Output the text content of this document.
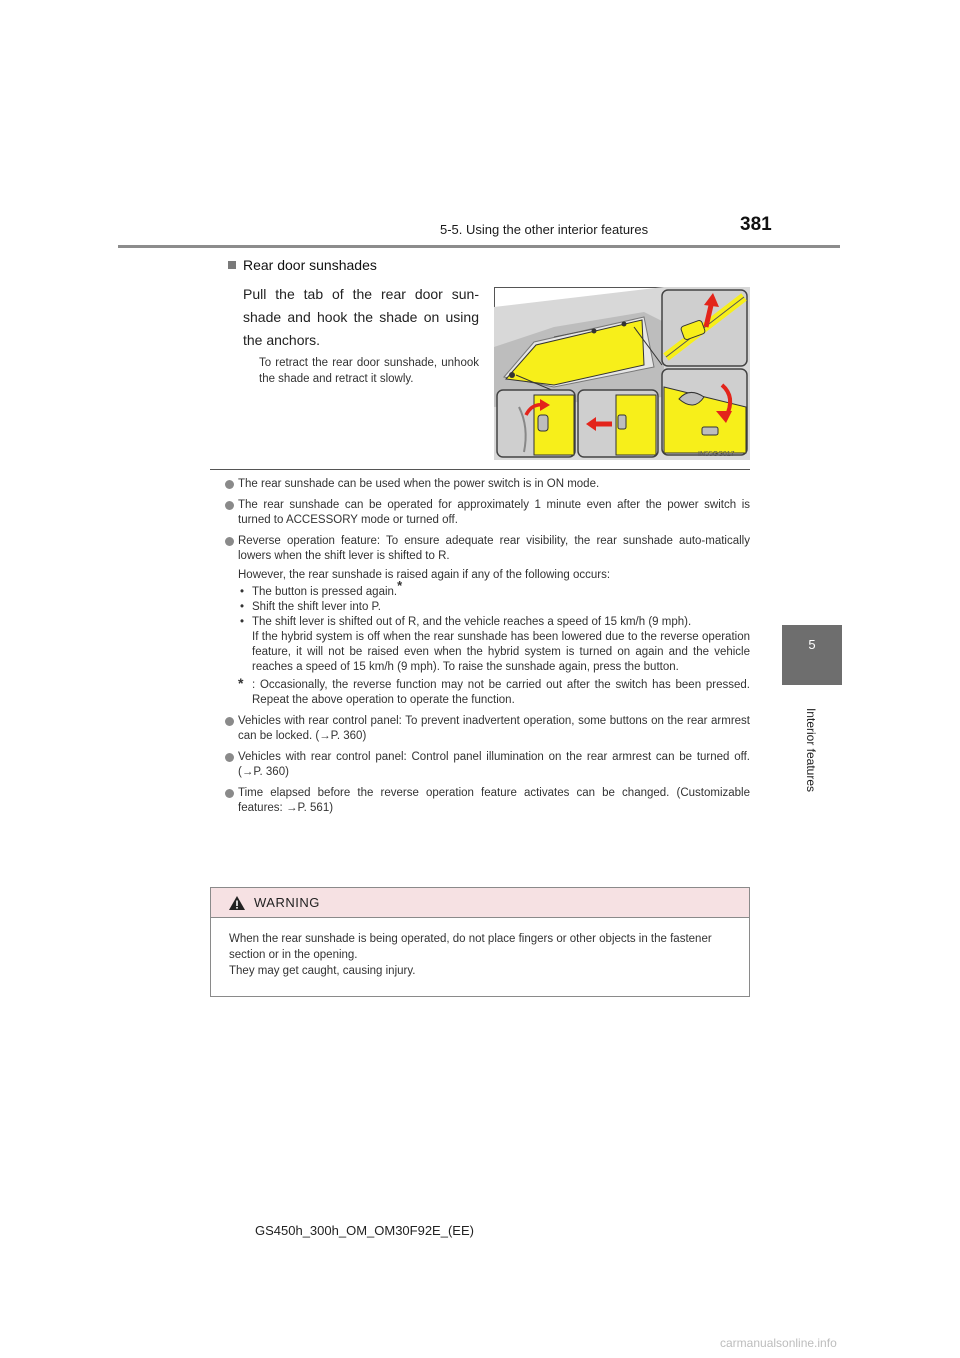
5-5. Using the other interior features	381
5
Interior features
Rear door sunshades
Pull the tab of the rear door sun-shade and hook the shade on using the anchors.
To retract the rear door sunshade, unhook the shade and retract it slowly.
IN55GS017

The rear sunshade can be used when the power switch is in ON mode.

The rear sunshade can be operated for approximately 1 minute even after the power switch is turned to ACCESSORY mode or turned off.

Reverse operation feature: To ensure adequate rear visibility, the rear sunshade auto-matically lowers when the shift lever is shifted to R.

However, the rear sunshade is raised again if any of the following occurs:

• The button is pressed again.*
• Shift the shift lever into P.
• The shift lever is shifted out of R, and the vehicle reaches a speed of 15 km/h (9 mph).
If the hybrid system is off when the rear sunshade has been lowered due to the reverse operation feature, it will not be raised even when the hybrid system is turned on again and the vehicle reaches a speed of 15 km/h (9 mph). To raise the sunshade again, press the button.
* : Occasionally, the reverse function may not be carried out after the switch has been pressed. Repeat the above operation to operate the function.

Vehicles with rear control panel: To prevent inadvertent operation, some buttons on the rear armrest can be locked. (→P. 360)

Vehicles with rear control panel: Control panel illumination on the rear armrest can be turned off. (→P. 360)

Time elapsed before the reverse operation feature activates can be changed. (Customizable features: →P. 561)

WARNING

When the rear sunshade is being operated, do not place fingers or other objects in the fastener section or in the opening.

They may get caught, causing injury.

GS450h_300h_OM_OM30F92E_(EE)
carmanualsonline.info
